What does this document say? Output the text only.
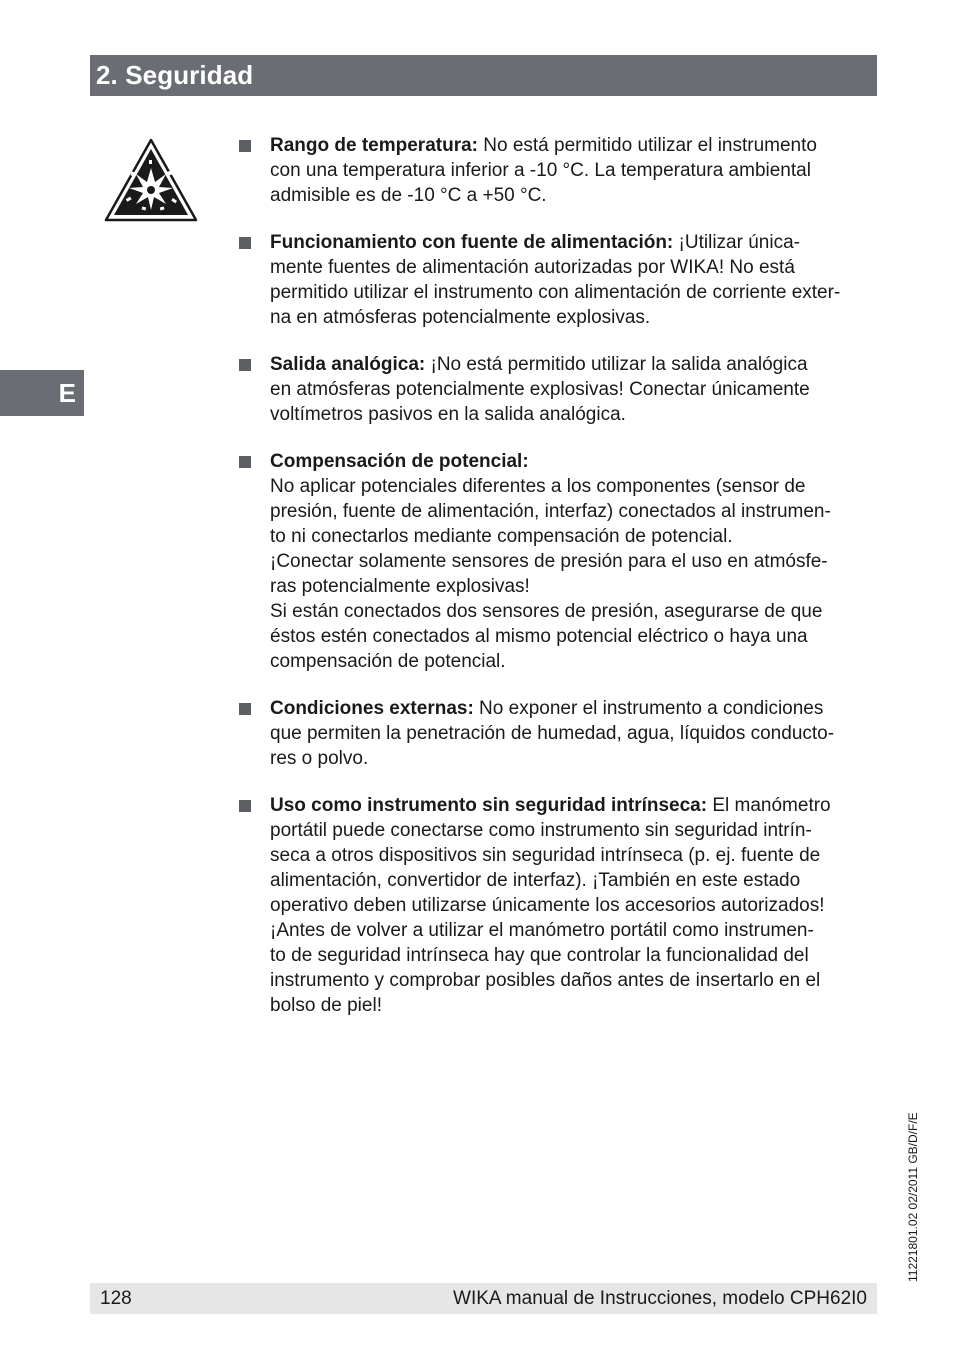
2. Seguridad
E

Rango de temperatura: No está permitido utilizar el instrumento
con una temperatura inferior a -10 °C. La temperatura ambiental
admisible es de -10 °C a +50 °C.

Funcionamiento con fuente de alimentación: ¡Utilizar única-
mente fuentes de alimentación autorizadas por WIKA! No está
permitido utilizar el instrumento con alimentación de corriente exter-
na en atmósferas potencialmente explosivas.

Salida analógica: ¡No está permitido utilizar la salida analógica
en atmósferas potencialmente explosivas! Conectar únicamente
voltímetros pasivos en la salida analógica.

Compensación de potencial:
No aplicar potenciales diferentes a los componentes (sensor de
presión, fuente de alimentación, interfaz) conectados al instrumen-
to ni conectarlos mediante compensación de potencial.
¡Conectar solamente sensores de presión para el uso en atmósfe-
ras potencialmente explosivas!
Si están conectados dos sensores de presión, asegurarse de que
éstos estén conectados al mismo potencial eléctrico o haya una
compensación de potencial.

Condiciones externas: No exponer el instrumento a condiciones
que permiten la penetración de humedad, agua, líquidos conducto-
res o polvo.

Uso como instrumento sin seguridad intrínseca: El manómetro
portátil puede conectarse como instrumento sin seguridad intrín-
seca a otros dispositivos sin seguridad intrínseca (p. ej. fuente de
alimentación, convertidor de interfaz). ¡También en este estado
operativo deben utilizarse únicamente los accesorios autorizados!
¡Antes de volver a utilizar el manómetro portátil como instrumen-
to de seguridad intrínseca hay que controlar la funcionalidad del
instrumento y comprobar posibles daños antes de insertarlo en el
bolso de piel!

128	WIKA manual de Instrucciones, modelo CPH62I0
11221801.02 02/2011 GB/D/F/E
